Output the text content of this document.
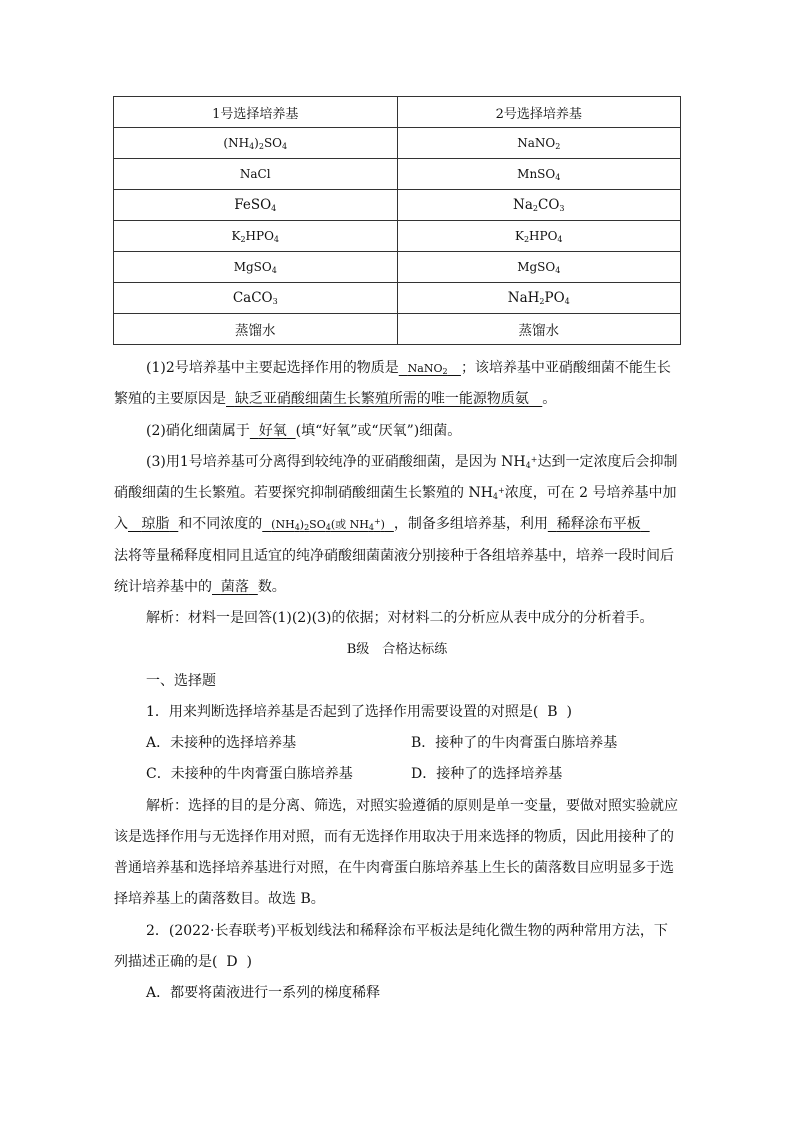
1号选择培养基	2号选择培养基
$(NH_4)_2SO_4$	NaNO$_2$
NaCl	MnSO$_4$
FeSO$_4$	$Na_2CO_3$
$K_2HPO_4$	$K_2HPO_4$
MgSO$_4$	MgSO$_4$
CaCO$_3$	$NaH_2PO_4$
蒸馏水	蒸馏水
(1)2号培养基中主要起选择作用的物质是 NaNO$_2$ ；该培养基中亚硝酸细菌不能生长
繁殖的主要原因是 缺乏亚硝酸细菌生长繁殖所需的唯一能源物质氨 。
(2)硝化细菌属于 好氧 (填“好氧”或“厌氧”)细菌。
(3)用1号培养基可分离得到较纯净的亚硝酸细菌，是因为 $NH_4^+$达到一定浓度后会抑制
硝酸细菌的生长繁殖。若要探究抑制硝酸细菌生长繁殖的 $NH_4^+$浓度，可在 2 号培养基中加
入 琼脂 和不同浓度的 $(NH_4)_2SO_4$(或 $NH_4^+$) ，制备多组培养基，利用 稀释涂布平板
法将等量稀释度相同且适宜的纯净硝酸细菌菌液分别接种于各组培养基中，培养一段时间后
统计培养基中的 菌落 数。
解析：材料一是回答(1)(2)(3)的依据；对材料二的分析应从表中成分的分析着手。
B级　合格达标练
一、选择题
1．用来判断选择培养基是否起到了选择作用需要设置的对照是( B )
A．未接种的选择培养基	B．接种了的牛肉膏蛋白胨培养基
C．未接种的牛肉膏蛋白胨培养基	D．接种了的选择培养基
解析：选择的目的是分离、筛选，对照实验遵循的原则是单一变量，要做对照实验就应
该是选择作用与无选择作用对照，而有无选择作用取决于用来选择的物质，因此用接种了的
普通培养基和选择培养基进行对照，在牛肉膏蛋白胨培养基上生长的菌落数目应明显多于选
择培养基上的菌落数目。故选 B。
2．(2022·长春联考)平板划线法和稀释涂布平板法是纯化微生物的两种常用方法，下
列描述正确的是( D )
A．都要将菌液进行一系列的梯度稀释
